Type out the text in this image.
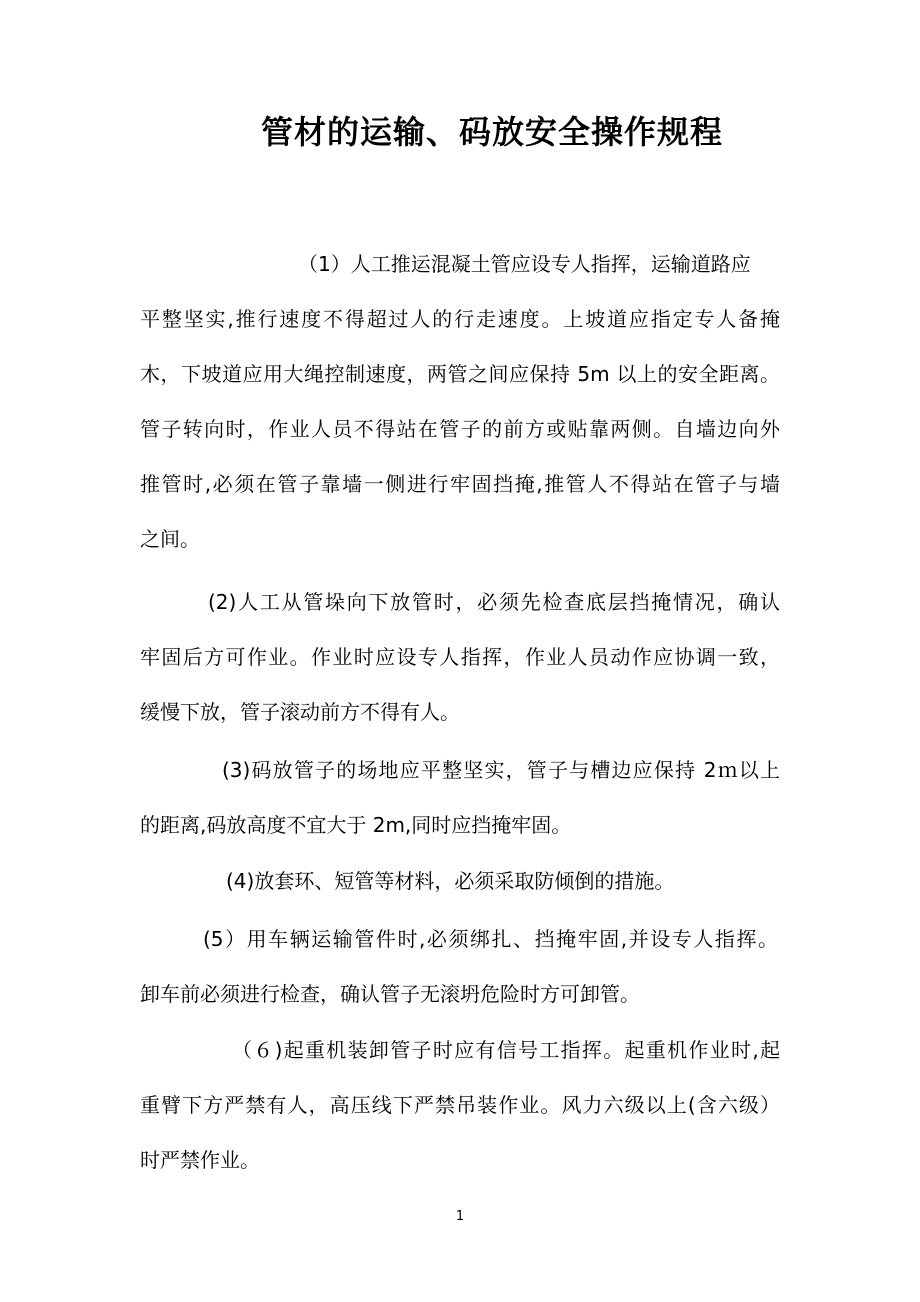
管材的运输、码放安全操作规程
（1）人工推运混凝土管应设专人指挥，运输道路应
平整坚实,推行速度不得超过人的行走速度。上坡道应指定专人备掩
木，下坡道应用大绳控制速度，两管之间应保持 5m 以上的安全距离。
管子转向时，作业人员不得站在管子的前方或贴靠两侧。自墙边向外
推管时,必须在管子靠墙一侧进行牢固挡掩,推管人不得站在管子与墙
之间。
(2)人工从管垛向下放管时，必须先检查底层挡掩情况，确认
牢固后方可作业。作业时应设专人指挥，作业人员动作应协调一致，
缓慢下放，管子滚动前方不得有人。
(3)码放管子的场地应平整坚实，管子与槽边应保持 2ｍ以上
的距离,码放高度不宜大于 2m,同时应挡掩牢固。
(4)放套环、短管等材料，必须采取防倾倒的措施。
(5）用车辆运输管件时,必须绑扎、挡掩牢固,并设专人指挥。
卸车前必须进行检查，确认管子无滚坍危险时方可卸管。
（６)起重机装卸管子时应有信号工指挥。起重机作业时,起
重臂下方严禁有人，高压线下严禁吊装作业。风力六级以上(含六级）
时严禁作业。
1
